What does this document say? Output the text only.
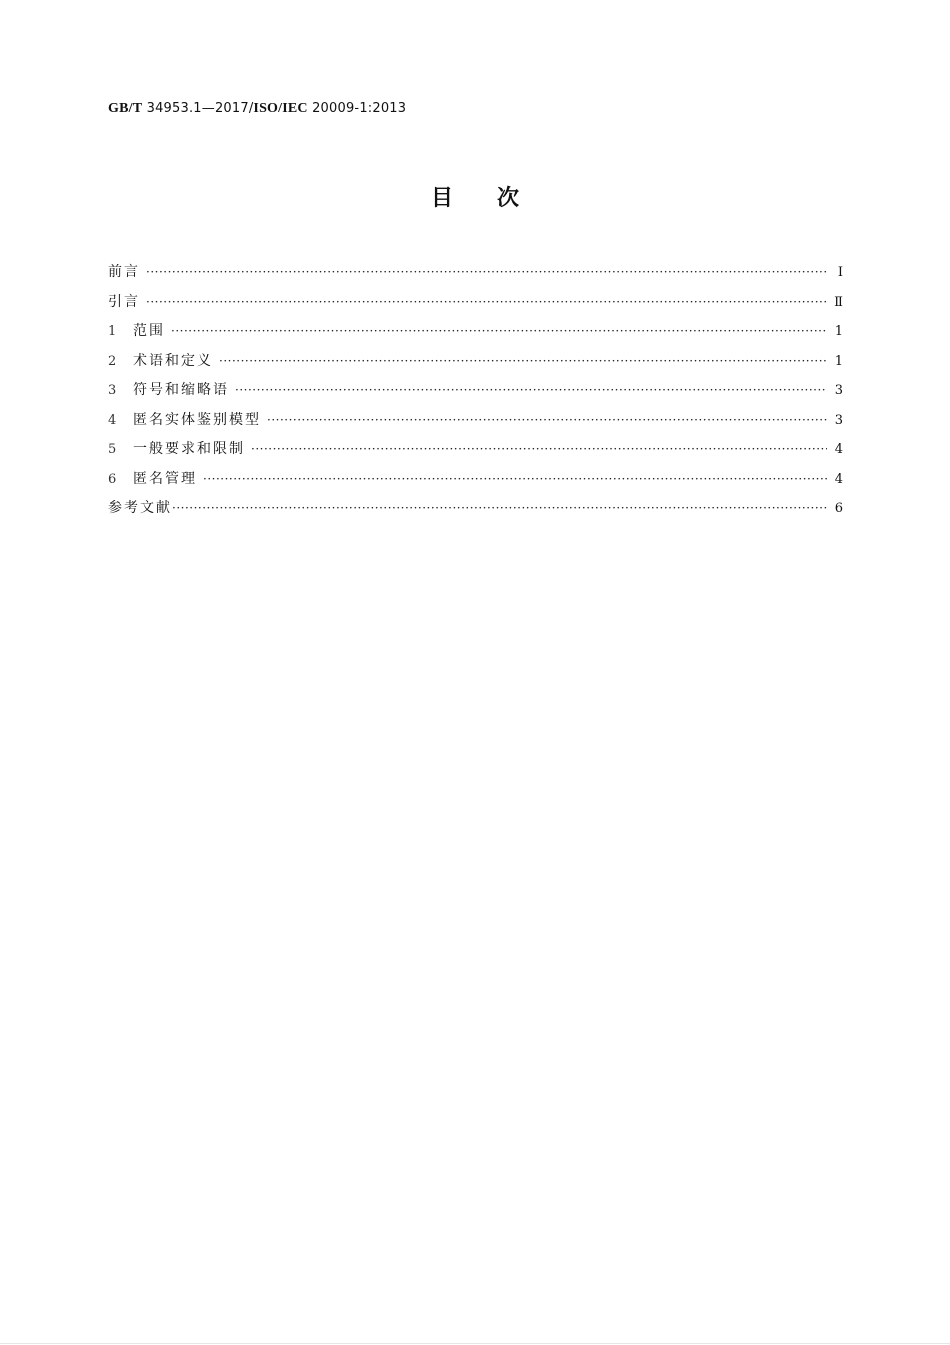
GB/T 34953.1—2017/ISO/IEC 20009-1:2013
目次
前言 ·····	Ⅰ
引言 ·····	Ⅱ
1	范围 ·····	1
2	术语和定义 ·····	1
3	符号和缩略语 ·····	3
4	匿名实体鉴别模型 ·····	3
5	一般要求和限制 ·····	4
6	匿名管理 ·····	4
参考文献 ·····	6
